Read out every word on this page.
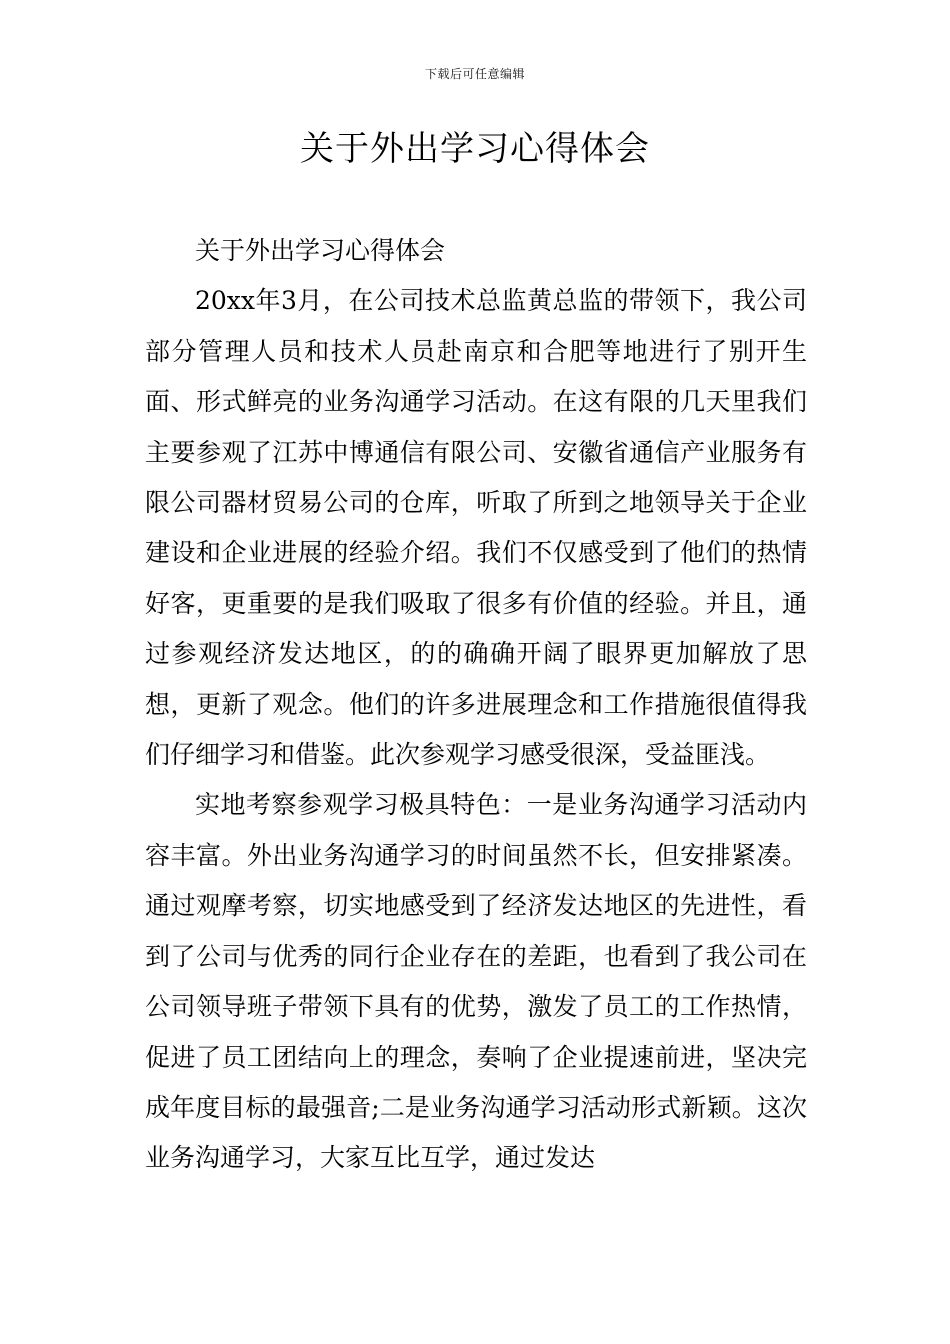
下载后可任意编辑
关于外出学习心得体会

关于外出学习心得体会

20xx年3月，在公司技术总监黄总监的带领下，我公司部分管理人员和技术人员赴南京和合肥等地进行了别开生面、形式鲜亮的业务沟通学习活动。在这有限的几天里我们主要参观了江苏中博通信有限公司、安徽省通信产业服务有限公司器材贸易公司的仓库，听取了所到之地领导关于企业建设和企业进展的经验介绍。我们不仅感受到了他们的热情好客，更重要的是我们吸取了很多有价值的经验。并且，通过参观经济发达地区，的的确确开阔了眼界更加解放了思想，更新了观念。他们的许多进展理念和工作措施很值得我们仔细学习和借鉴。此次参观学习感受很深，受益匪浅。

实地考察参观学习极具特色：一是业务沟通学习活动内容丰富。外出业务沟通学习的时间虽然不长，但安排紧凑。通过观摩考察，切实地感受到了经济发达地区的先进性，看到了公司与优秀的同行企业存在的差距，也看到了我公司在公司领导班子带领下具有的优势，激发了员工的工作热情，促进了员工团结向上的理念，奏响了企业提速前进，坚决完成年度目标的最强音;二是业务沟通学习活动形式新颖。这次业务沟通学习，大家互比互学，通过发达
